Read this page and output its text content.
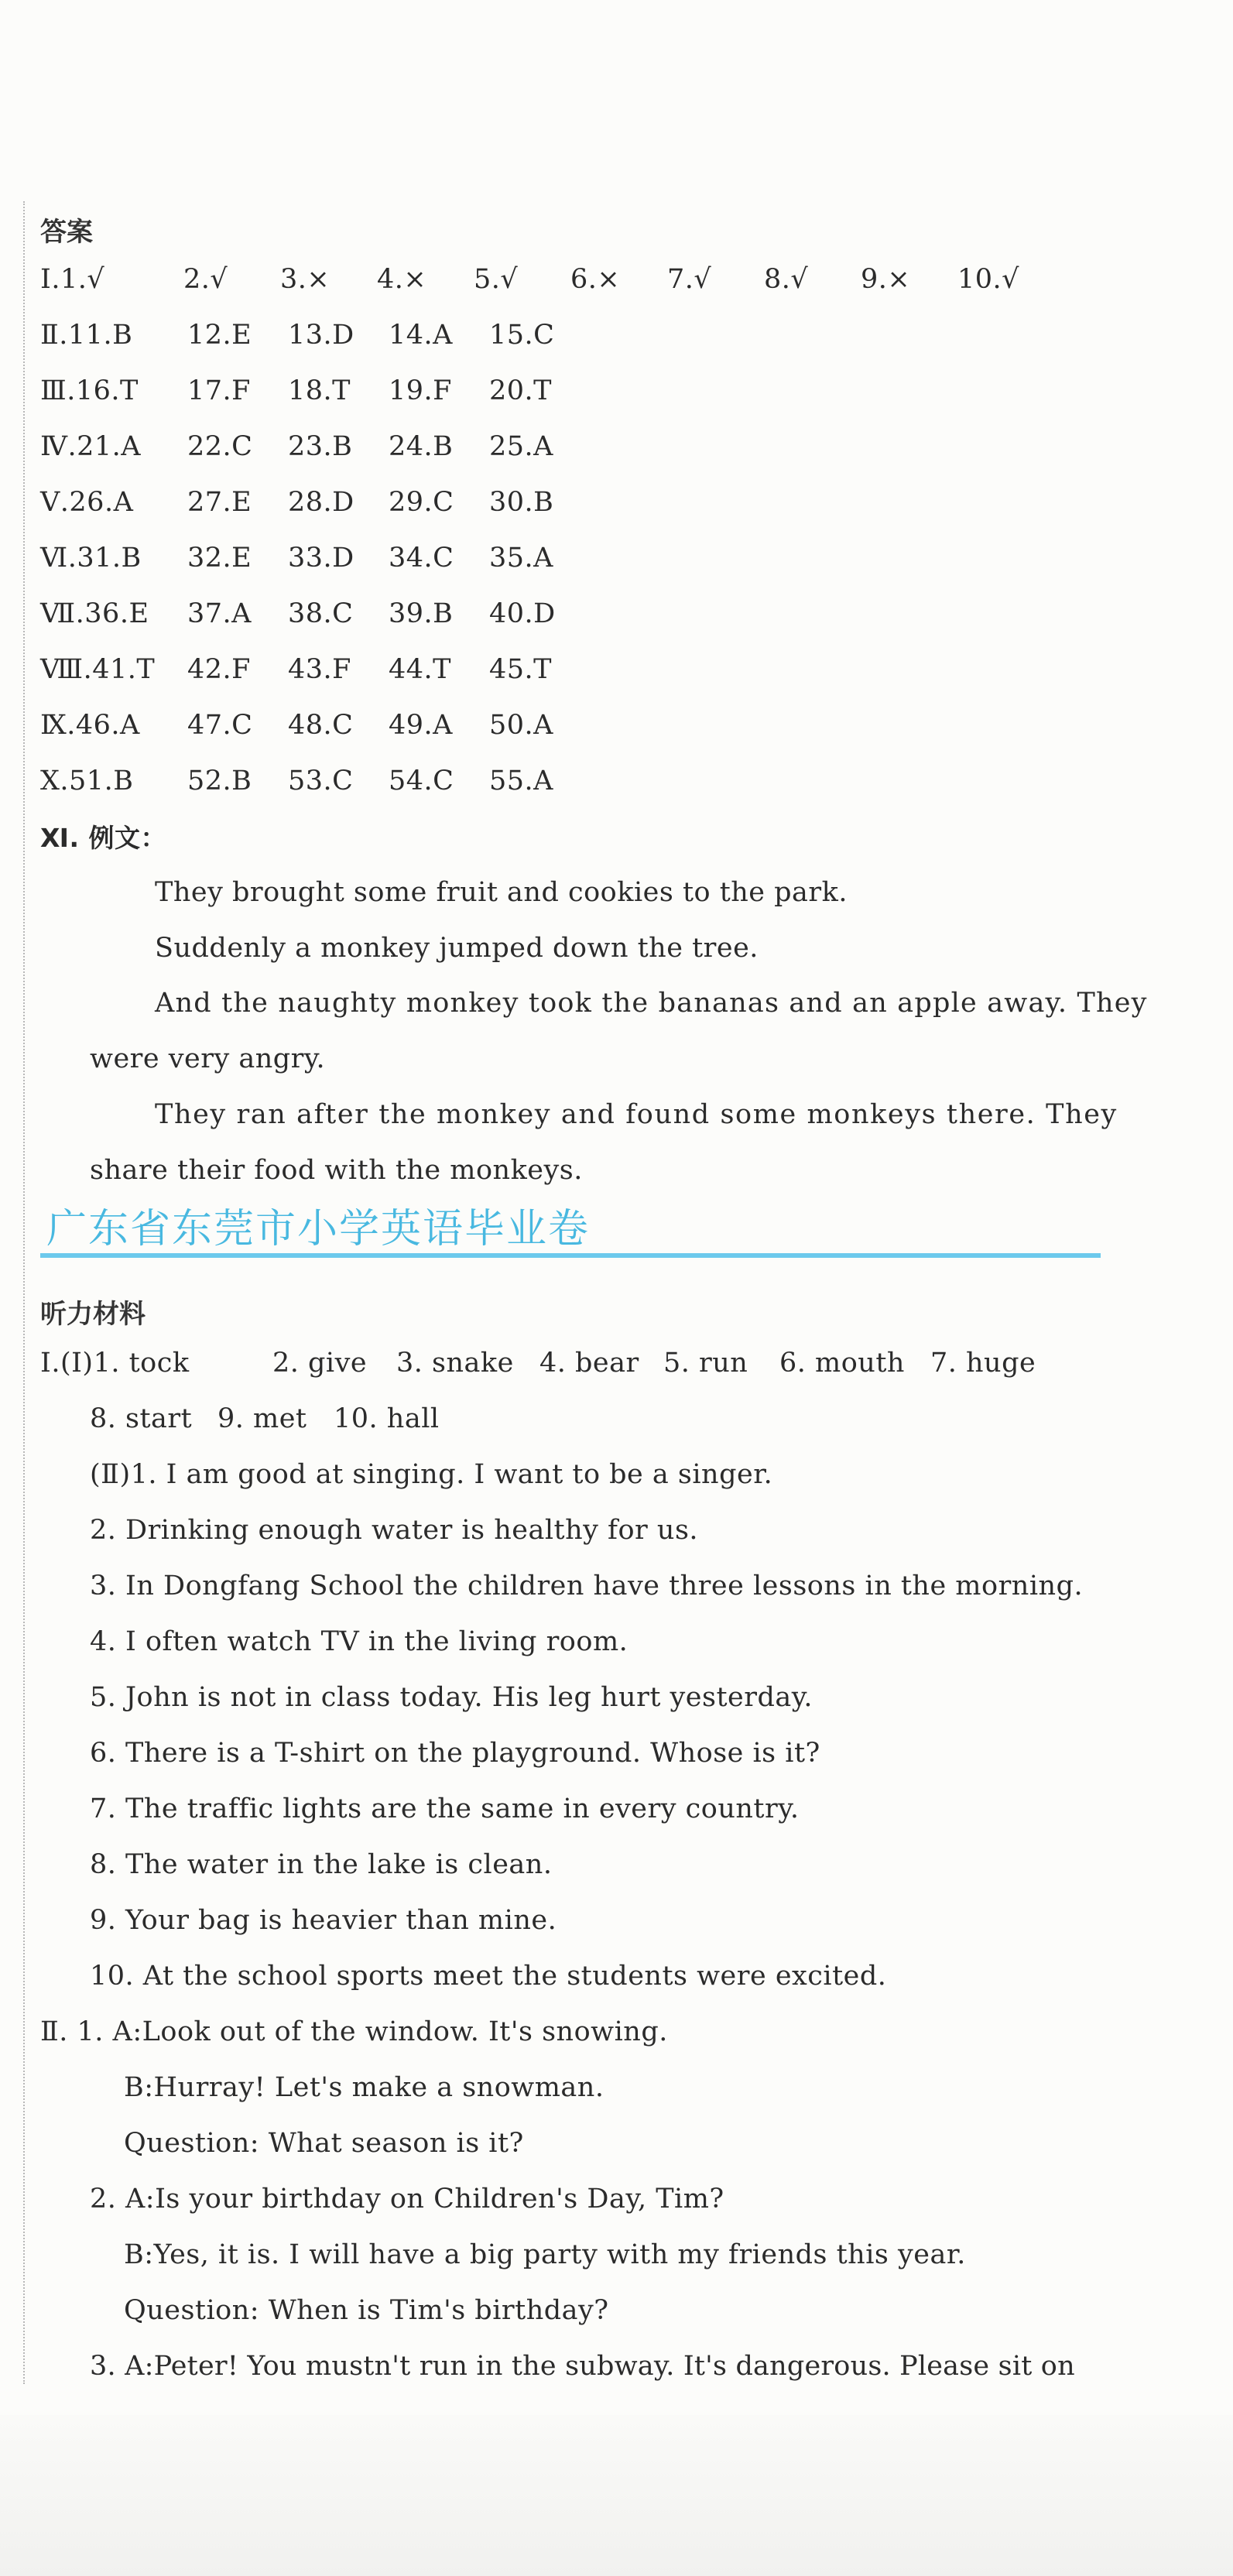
答案
Ⅰ.1.√	2.√ 3.× 4.× 5.√ 6.× 7.√ 8.√ 9.× 10.√
Ⅱ.11.B 12.E 13.D 14.A 15.C
Ⅲ.16.T 17.F 18.T 19.F 20.T
Ⅳ.21.A 22.C 23.B 24.B 25.A
Ⅴ.26.A 27.E 28.D 29.C 30.B
Ⅵ.31.B 32.E 33.D 34.C 35.A
Ⅶ.36.E 37.A 38.C 39.B 40.D
Ⅷ.41.T 42.F 43.F 44.T 45.T
Ⅸ.46.A 47.C 48.C 49.A 50.A
Ⅹ.51.B 52.B 53.C 54.C 55.A
Ⅺ. 例文：
They brought some fruit and cookies to the park.
Suddenly a monkey jumped down the tree.
And the naughty monkey took the bananas and an apple away. They
were very angry.
They ran after the monkey and found some monkeys there. They
share their food with the monkeys.
广东省东莞市小学英语毕业卷
听力材料
Ⅰ.(Ⅰ)1. tock	2. give 3. snake 4. bear 5. run 6. mouth 7. huge
8. start 9. met 10. hall
(Ⅱ)1. I am good at singing. I want to be a singer.
2. Drinking enough water is healthy for us.
3. In Dongfang School the children have three lessons in the morning.
4. I often watch TV in the living room.
5. John is not in class today. His leg hurt yesterday.
6. There is a T-shirt on the playground. Whose is it?
7. The traffic lights are the same in every country.
8. The water in the lake is clean.
9. Your bag is heavier than mine.
10. At the school sports meet the students were excited.
Ⅱ. 1. A:Look out of the window. It's snowing.
B:Hurray! Let's make a snowman.
Question: What season is it?
2. A:Is your birthday on Children's Day, Tim?
B:Yes, it is. I will have a big party with my friends this year.
Question: When is Tim's birthday?
3. A:Peter! You mustn't run in the subway. It's dangerous. Please sit on
